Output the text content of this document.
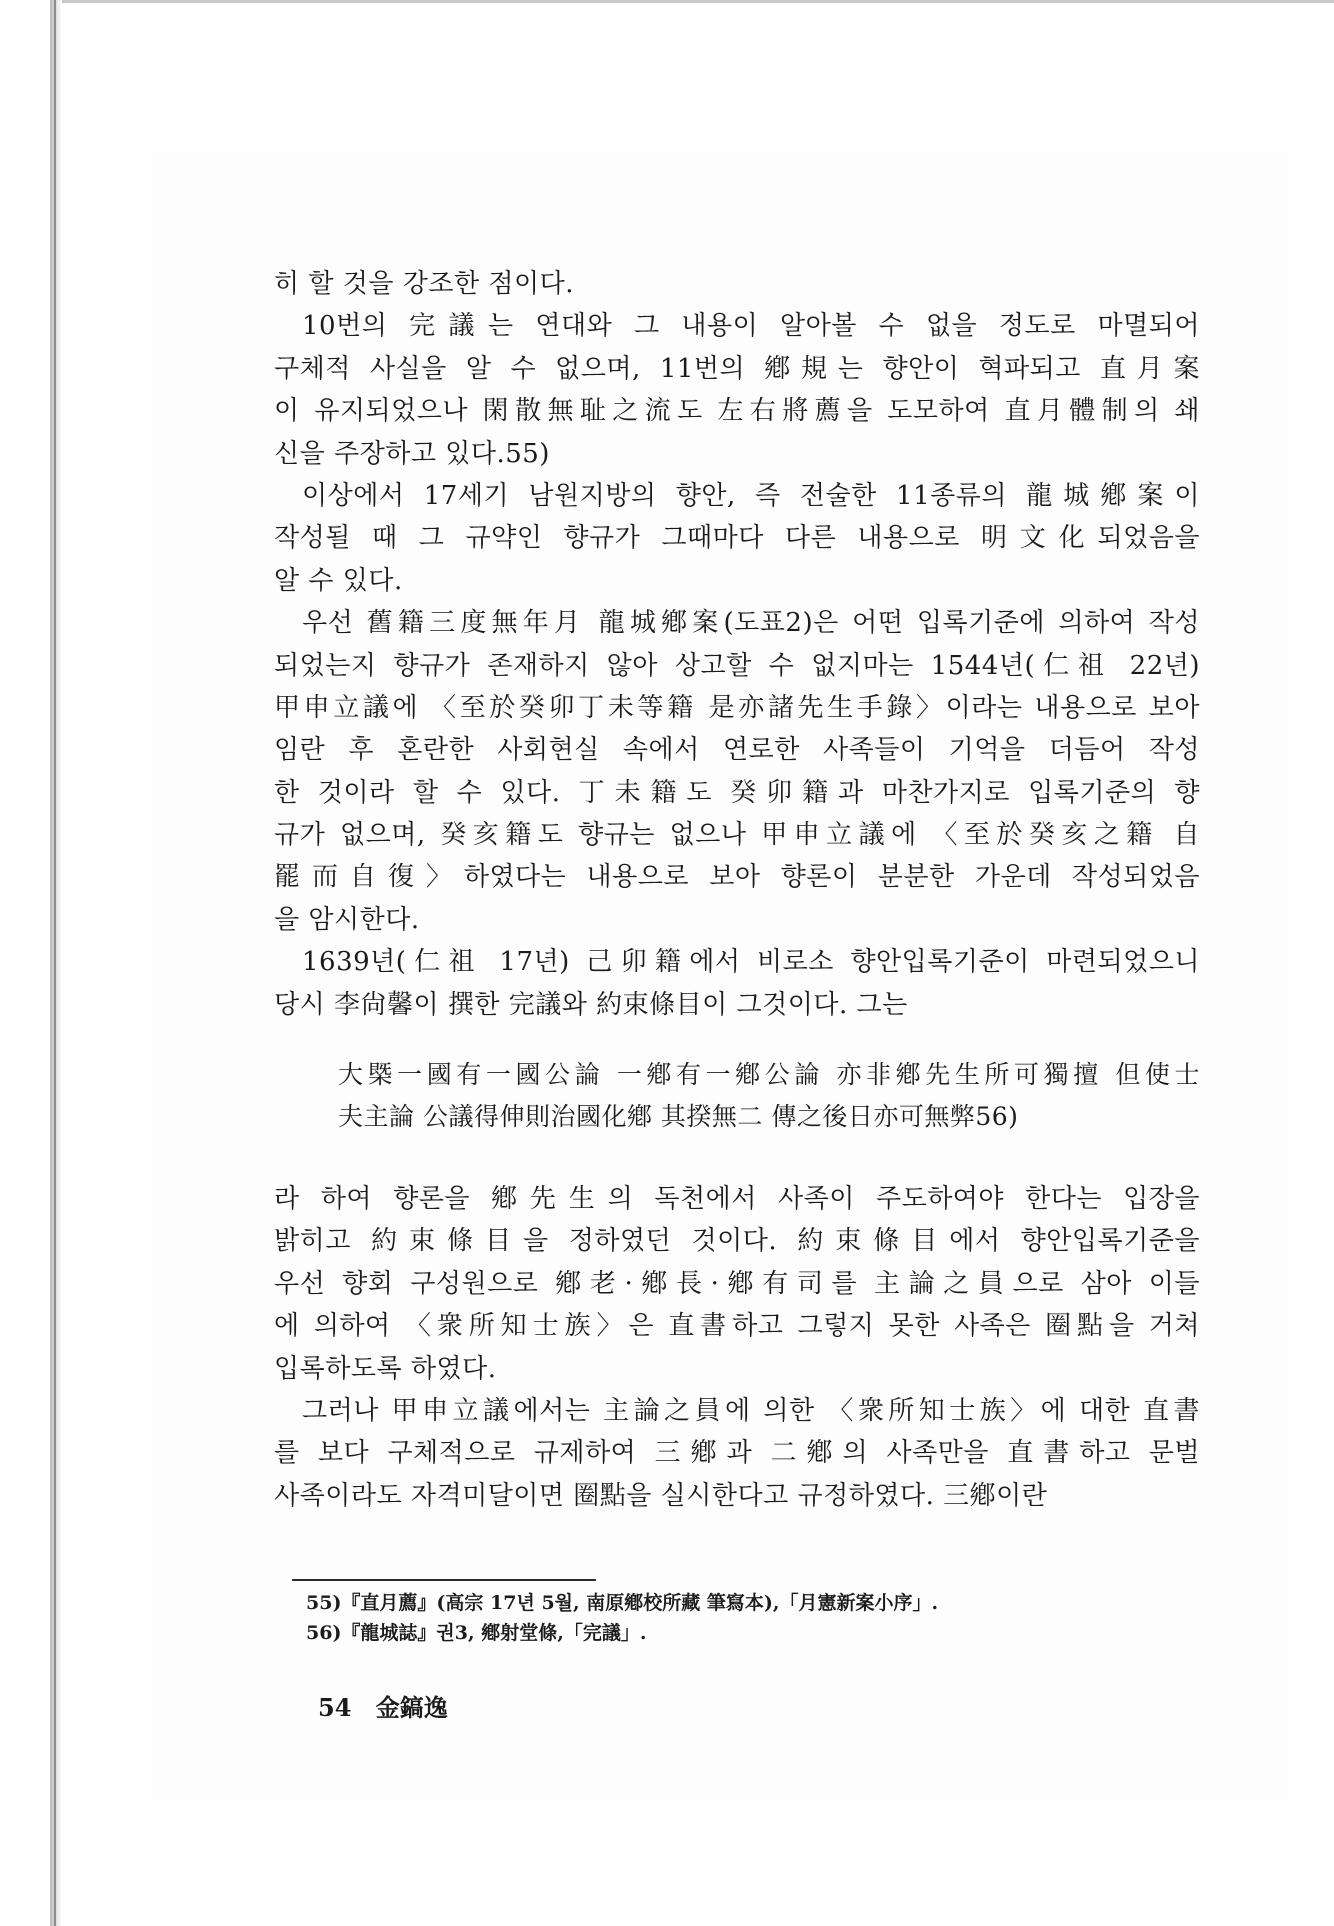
히 할 것을 강조한 점이다.
10번의 完議는 연대와 그 내용이 알아볼 수 없을 정도로 마멸되어
구체적 사실을 알 수 없으며, 11번의 鄕規는 향안이 혁파되고 直月案
이 유지되었으나 閑散無耻之流도 左右將薦을 도모하여 直月體制의 쇄
신을 주장하고 있다.55)
이상에서 17세기 남원지방의 향안, 즉 전술한 11종류의 龍城鄕案이
작성될 때 그 규약인 향규가 그때마다 다른 내용으로 明文化되었음을
알 수 있다.
우선 舊籍三度無年月 龍城鄕案(도표2)은 어떤 입록기준에 의하여 작성
되었는지 향규가 존재하지 않아 상고할 수 없지마는 1544년(仁祖 22년)
甲申立議에 〈至於癸卯丁未等籍 是亦諸先生手錄〉이라는 내용으로 보아
임란 후 혼란한 사회현실 속에서 연로한 사족들이 기억을 더듬어 작성
한 것이라 할 수 있다. 丁未籍도 癸卯籍과 마찬가지로 입록기준의 향
규가 없으며, 癸亥籍도 향규는 없으나 甲申立議에 〈至於癸亥之籍 自
罷而自復〉하였다는 내용으로 보아 향론이 분분한 가운데 작성되었음
을 암시한다.
1639년(仁祖 17년) 己卯籍에서 비로소 향안입록기준이 마련되었으니
당시 李尙馨이 撰한 完議와 約束條目이 그것이다. 그는
大槩一國有一國公論 一鄕有一鄕公論 亦非鄕先生所可獨擅 但使士
夫主論 公議得伸則治國化鄕 其揆無二 傳之後日亦可無弊56)
라 하여 향론을 鄕先生의 독천에서 사족이 주도하여야 한다는 입장을
밝히고 約束條目을 정하였던 것이다. 約束條目에서 향안입록기준을
우선 향회 구성원으로 鄕老·鄕長·鄕有司를 主論之員으로 삼아 이들
에 의하여 〈衆所知士族〉은 直書하고 그렇지 못한 사족은 圈點을 거쳐
입록하도록 하였다.
그러나 甲申立議에서는 主論之員에 의한 〈衆所知士族〉에 대한 直書
를 보다 구체적으로 규제하여 三鄕과 二鄕의 사족만을 直書하고 문벌
사족이라도 자격미달이면 圈點을 실시한다고 규정하였다. 三鄕이란
55)『直月薦』(高宗 17년 5월, 南原鄕校所藏 筆寫本),「月憲新案小序」.
56)『龍城誌』권3, 鄕射堂條,「完議」.
54 金鎬逸
